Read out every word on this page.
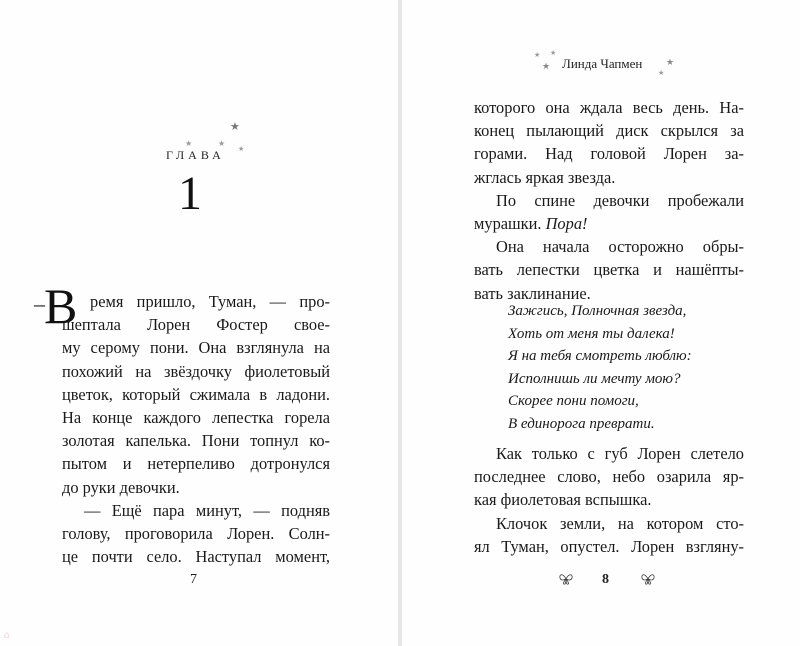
★
★	★
★
ГЛАВА
1
– В ремя пришло, Туман, — про-
шептала Лорен Фостер свое-
му серому пони. Она взглянула на
похожий на звёздочку фиолетовый
цветок, который сжимала в ладони.
На конце каждого лепестка горела
золотая капелька. Пони топнул ко-
пытом и нетерпеливо дотронулся
до руки девочки.
— Ещё пара минут, — подняв
голову, проговорила Лорен. Солн-
це почти село. Наступал момент,
7
★
★
★
★
★
Линда Чапмен
которого она ждала весь день. На-
конец пылающий диск скрылся за
горами. Над головой Лорен за-
жглась яркая звезда.
По спине девочки пробежали
мурашки. Пора!
Она начала осторожно обры-
вать лепестки цветка и нашёпты-
вать заклинание.
Зажгись, Полночная звезда,
Хоть от меня ты далека!
Я на тебя смотреть люблю:
Исполнишь ли мечту мою?
Скорее пони помоги,
В единорога преврати.
Как только с губ Лорен слетело
последнее слово, небо озарила яр-
кая фиолетовая вспышка.
Клочок земли, на котором сто-
ял Туман, опустел. Лорен взгляну-
8
⌂
